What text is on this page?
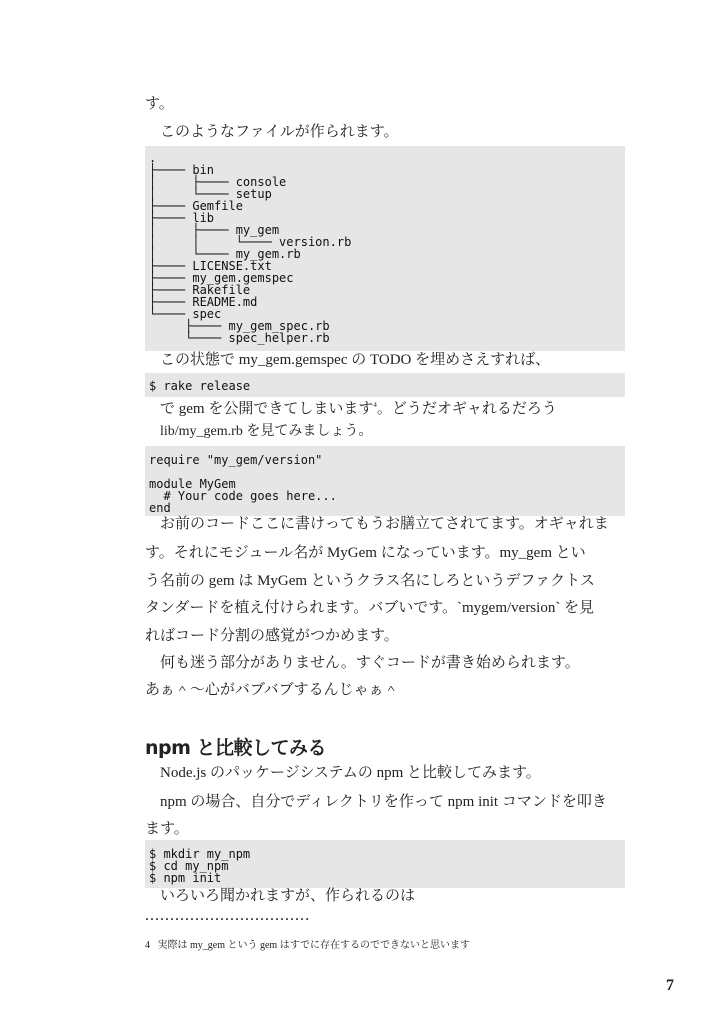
す。
このようなファイルが作られます。
.
├──── bin
│     ├──── console
│     └──── setup
├──── Gemfile
├──── lib
│     ├──── my_gem
│     │     └──── version.rb
│     └──── my_gem.rb
├──── LICENSE.txt
├──── my_gem.gemspec
├──── Rakefile
├──── README.md
└──── spec
├──── my_gem_spec.rb
└──── spec_helper.rb
この状態で my_gem.gemspec の TODO を埋めさえすれば、
$ rake release
で gem を公開できてしまいます$^4$。どうだオギャれるだろう
lib/my_gem.rb を見てみましょう。
require "my_gem/version"

module MyGem
# Your code goes here...
end
お前のコードここに書けってもうお膳立てされてます。オギャれま
す。それにモジュール名が MyGem になっています。my_gem とい
う名前の gem は MyGem というクラス名にしろというデファクトス
タンダードを植え付けられます。バブいです。`mygem/version` を見
ればコード分割の感覚がつかめます。
何も迷う部分がありません。すぐコードが書き始められます。
あぁ＾〜心がバブバブするんじゃぁ＾
npm と比較してみる
Node.js のパッケージシステムの npm と比較してみます。
npm の場合、自分でディレクトリを作って npm init コマンドを叩き
ます。
$ mkdir my_npm
$ cd my_npm
$ npm init
いろいろ聞かれますが、作られるのは
·································
4 実際は my_gem という gem はすでに存在するのでできないと思います
7
